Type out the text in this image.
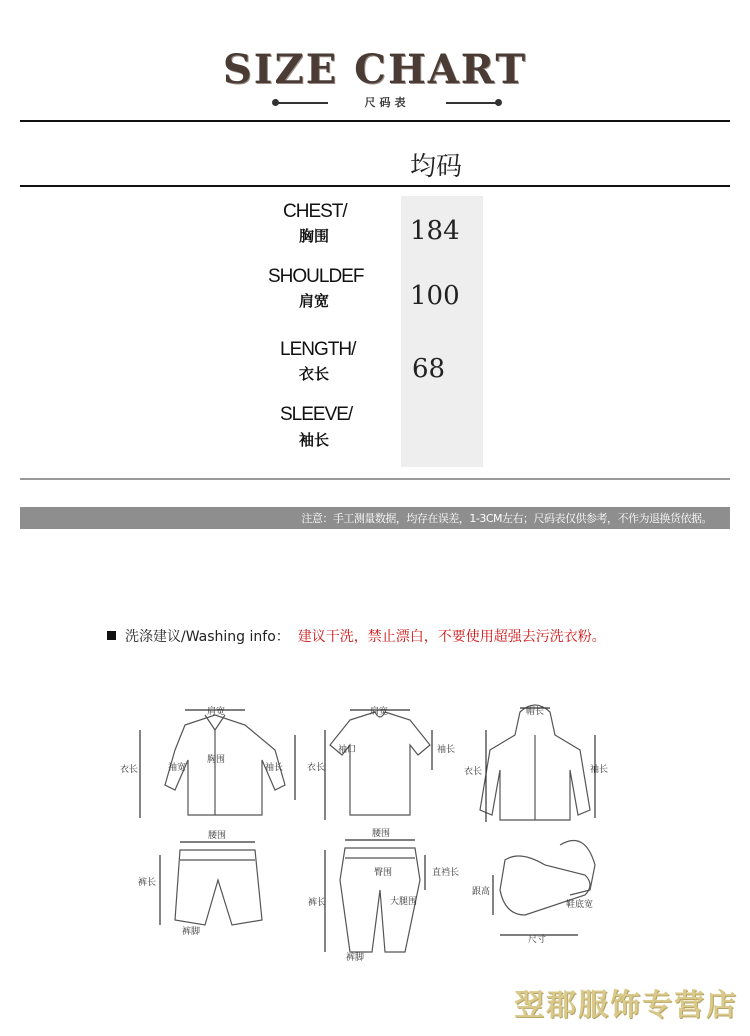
SIZE CHART
尺码表
均码
CHEST/
胸围	184
SHOULDEF
肩宽	100
LENGTH/
衣长	68
SLEEVE/
袖长
注意：手工测量数据，均存在误差，1-3CM左右；尺码表仅供参考，不作为退换货依据。
洗涤建议/Washing info： 建议干洗，禁止漂白，不要使用超强去污洗衣粉。
肩宽
胸围
袖宽
衣长	袖长
肩宽
袖口
衣长
袖长
帽长
衣长	袖长
腰围
裤长
裤脚
腰围
臀围	直裆长
大腿围
裤长
裤脚
跟高
鞋底宽
尺寸
翌郡服饰专营店
